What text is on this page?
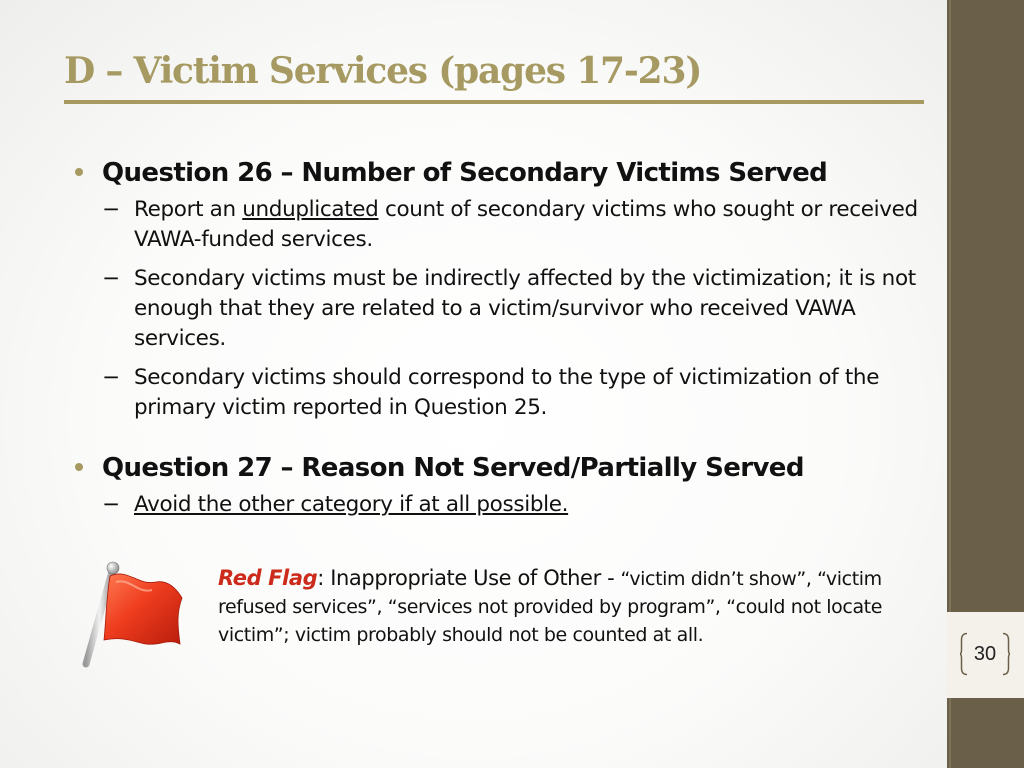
D – Victim Services (pages 17-23)
Question 26 – Number of Secondary Victims Served
− Report an unduplicated count of secondary victims who sought or received VAWA-funded services.
− Secondary victims must be indirectly affected by the victimization; it is not enough that they are related to a victim/survivor who received VAWA services.
− Secondary victims should correspond to the type of victimization of the primary victim reported in Question 25.
Question 27 – Reason Not Served/Partially Served
− Avoid the other category if at all possible.
Red Flag: Inappropriate Use of Other - “victim didn’t show”, “victim refused services”, “services not provided by program”, “could not locate victim”; victim probably should not be counted at all.
30
